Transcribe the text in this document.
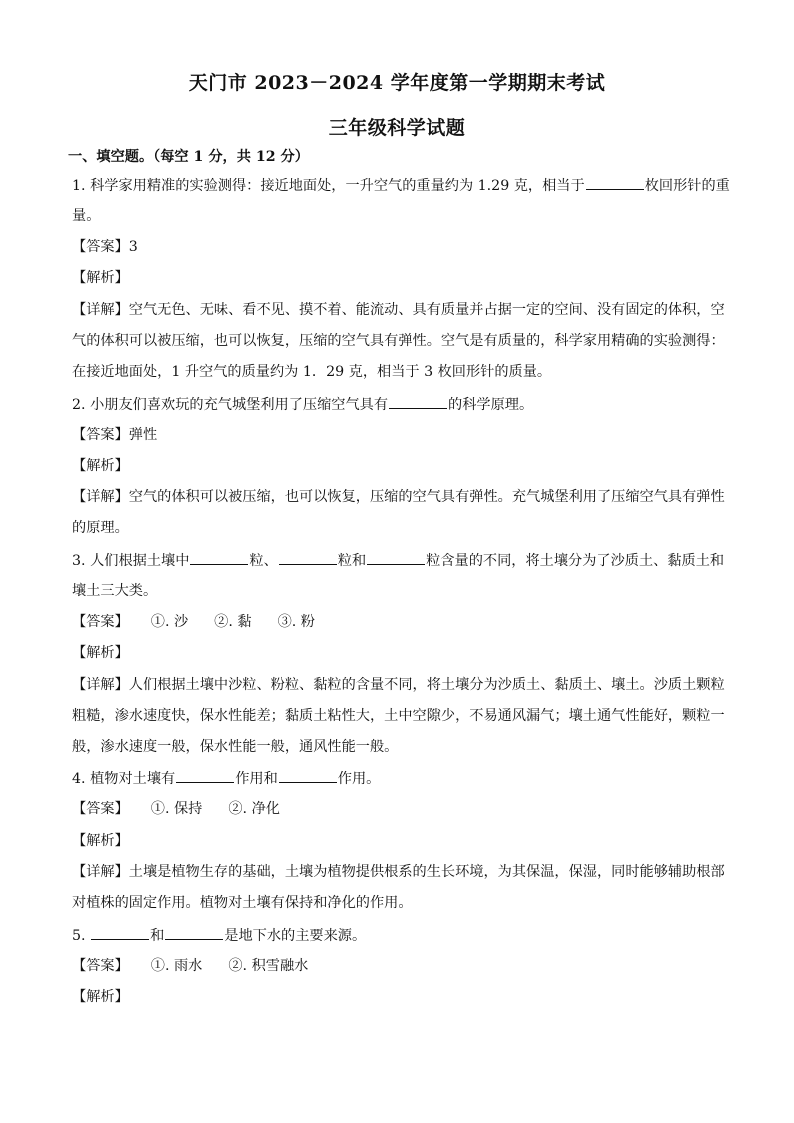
天门市 2023－2024 学年度第一学期期末考试
三年级科学试题
一、填空题。（每空 1 分，共 12 分）
1. 科学家用精准的实验测得：接近地面处，一升空气的重量约为 1.29 克，相当于	枚回形针的重
量。
【答案】3
【解析】
【详解】空气无色、无味、看不见、摸不着、能流动、具有质量并占据一定的空间、没有固定的体积，空
气的体积可以被压缩，也可以恢复，压缩的空气具有弹性。空气是有质量的，科学家用精确的实验测得：
在接近地面处，1 升空气的质量约为 1．29 克，相当于 3 枚回形针的质量。
2. 小朋友们喜欢玩的充气城堡利用了压缩空气具有	的科学原理。
【答案】弹性
【解析】
【详解】空气的体积可以被压缩，也可以恢复，压缩的空气具有弹性。充气城堡利用了压缩空气具有弹性
的原理。
3. 人们根据土壤中	粒、	粒和	粒含量的不同，将土壤分为了沙质土、黏质土和
壤土三大类。
【答案】 ①. 沙 ②. 黏 ③. 粉
【解析】
【详解】人们根据土壤中沙粒、粉粒、黏粒的含量不同，将土壤分为沙质土、黏质土、壤土。沙质土颗粒
粗糙，渗水速度快，保水性能差；黏质土粘性大，土中空隙少，不易通风漏气；壤土通气性能好，颗粒一
般，渗水速度一般，保水性能一般，通风性能一般。
4. 植物对土壤有	作用和	作用。
【答案】 ①. 保持 ②. 净化
【解析】
【详解】土壤是植物生存的基础，土壤为植物提供根系的生长环境，为其保温，保湿，同时能够辅助根部
对植株的固定作用。植物对土壤有保持和净化的作用。
5.	和	是地下水的主要来源。
【答案】 ①. 雨水 ②. 积雪融水
【解析】
